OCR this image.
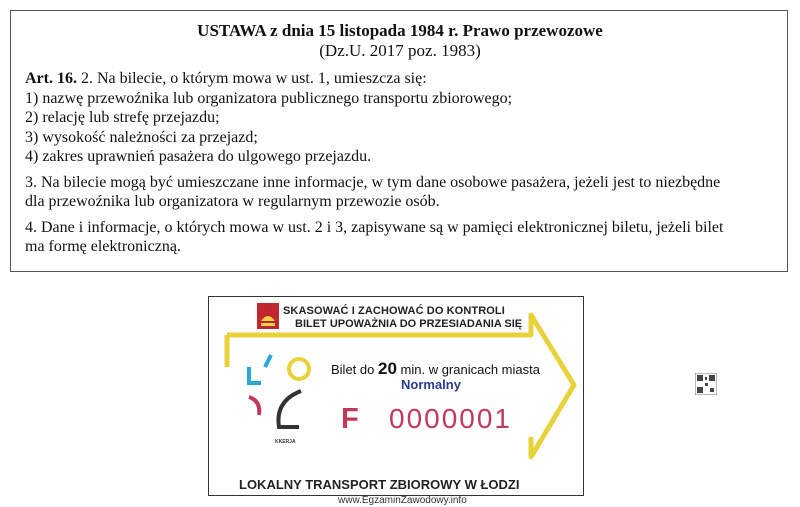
USTAWA z dnia 15 listopada 1984 r. Prawo przewozowe
(Dz.U. 2017 poz. 1983)

Art. 16. 2. Na bilecie, o którym mowa w ust. 1, umieszcza się:

1) nazwę przewoźnika lub organizatora publicznego transportu zbiorowego;

2) relację lub strefę przejazdu;

3) wysokość należności za przejazd;

4) zakres uprawnień pasażera do ulgowego przejazdu.

3. Na bilecie mogą być umieszczane inne informacje, w tym dane osobowe pasażera, jeżeli jest to niezbędne

dla przewoźnika lub organizatora w regularnym przewozie osób.

4. Dane i informacje, o których mowa w ust. 2 i 3, zapisywane są w pamięci elektronicznej biletu, jeżeli bilet

ma formę elektroniczną.

SKASOWAĆ I ZACHOWAĆ DO KONTROLI
BILET UPOWAŻNIA DO PRZESIADANIA SIĘ
Bilet do 20 min. w granicach miasta
Normalny
F 0000001
KKERJA
LOKALNY TRANSPORT ZBIOROWY W ŁODZI
www.EgzaminZawodowy.info
